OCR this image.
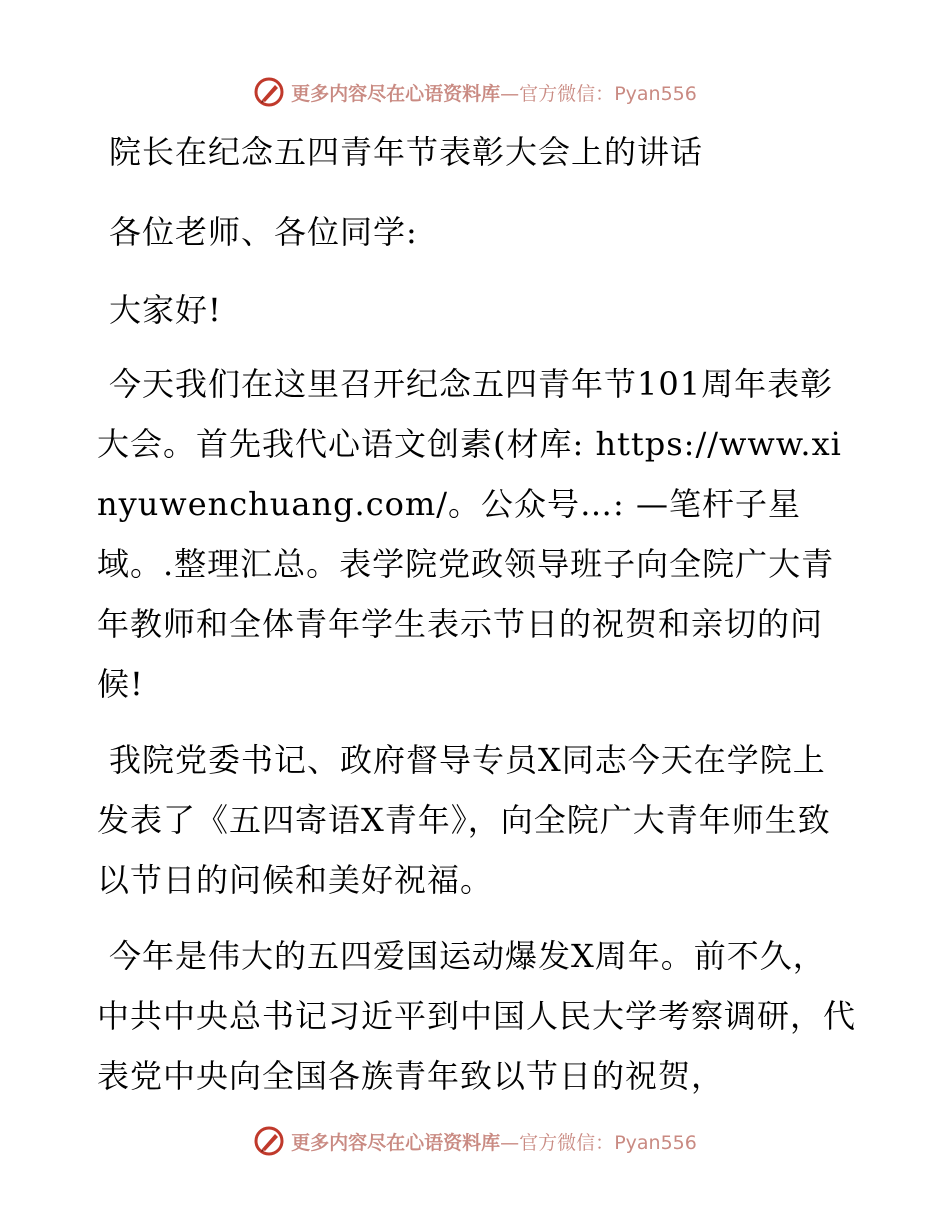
更多内容尽在心语资料库—官方微信：Pyan556

院长在纪念五四青年节表彰大会上的讲话

各位老师、各位同学:

大家好!

今天我们在这里召开纪念五四青年节101周年表彰大会。首先我代心语文创素(材库: https://www.xinyuwenchuang.com/。公众号…: —笔杆子星域。.整理汇总。表学院党政领导班子向全院广大青年教师和全体青年学生表示节日的祝贺和亲切的问候!

我院党委书记、政府督导专员X同志今天在学院上发表了《五四寄语X青年》，向全院广大青年师生致以节日的问候和美好祝福。

今年是伟大的五四爱国运动爆发X周年。前不久，中共中央总书记习近平到中国人民大学考察调研，代表党中央向全国各族青年致以节日的祝贺，

更多内容尽在心语资料库—官方微信：Pyan556
